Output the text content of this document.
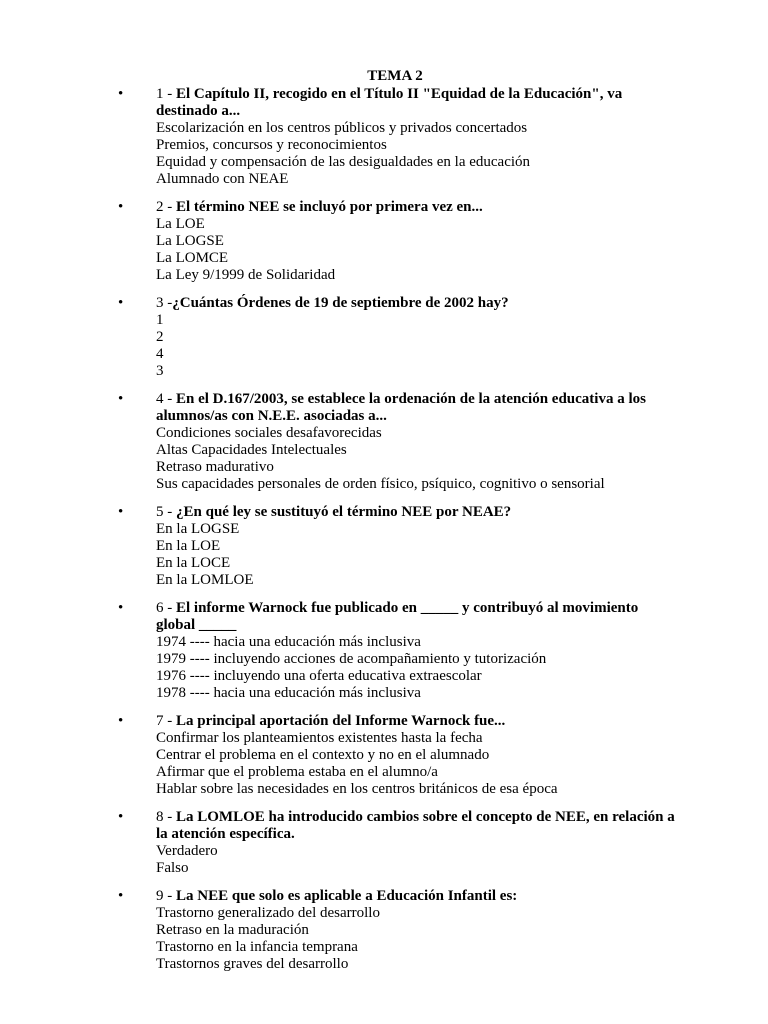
TEMA 2
• 1 - El Capítulo II, recogido en el Título II "Equidad de la Educación", va destinado a...
Escolarización en los centros públicos y privados concertados
Premios, concursos y reconocimientos
Equidad y compensación de las desigualdades en la educación
Alumnado con NEAE
• 2 - El término NEE se incluyó por primera vez en...
La LOE
La LOGSE
La LOMCE
La Ley 9/1999 de Solidaridad
• 3 -¿Cuántas Órdenes de 19 de septiembre de 2002 hay?
1
2
4
3
• 4 - En el D.167/2003, se establece la ordenación de la atención educativa a los alumnos/as con N.E.E. asociadas a...
Condiciones sociales desafavorecidas
Altas Capacidades Intelectuales
Retraso madurativo
Sus capacidades personales de orden físico, psíquico, cognitivo o sensorial
• 5 - ¿En qué ley se sustituyó el término NEE por NEAE?
En la LOGSE
En la LOE
En la LOCE
En la LOMLOE
• 6 - El informe Warnock fue publicado en _____ y contribuyó al movimiento global _____
1974 ---- hacia una educación más inclusiva
1979 ---- incluyendo acciones de acompañamiento y tutorización
1976 ---- incluyendo una oferta educativa extraescolar
1978 ---- hacia una educación más inclusiva
• 7 - La principal aportación del Informe Warnock fue...
Confirmar los planteamientos existentes hasta la fecha
Centrar el problema en el contexto y no en el alumnado
Afirmar que el problema estaba en el alumno/a
Hablar sobre las necesidades en los centros británicos de esa época
• 8 - La LOMLOE ha introducido cambios sobre el concepto de NEE, en relación a la atención específica.
Verdadero
Falso
• 9 - La NEE que solo es aplicable a Educación Infantil es:
Trastorno generalizado del desarrollo
Retraso en la maduración
Trastorno en la infancia temprana
Trastornos graves del desarrollo
